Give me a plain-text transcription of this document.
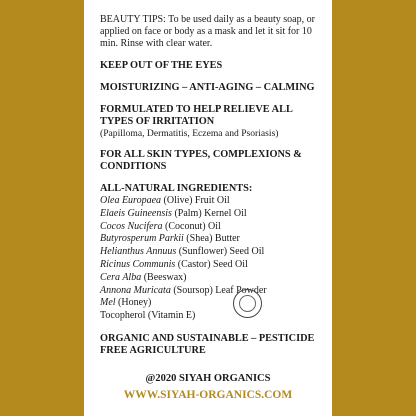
BEAUTY TIPS: To be used daily as a beauty soap, or applied on face or body as a mask and let it sit for 10 min. Rinse with clear water.

KEEP OUT OF THE EYES

MOISTURIZING – ANTI-AGING – CALMING

FORMULATED TO HELP RELIEVE ALL TYPES OF IRRITATION

(Papilloma, Dermatitis, Eczema and Psoriasis)

FOR ALL SKIN TYPES, COMPLEXIONS & CONDITIONS

ALL-NATURAL INGREDIENTS:

Olea Europaea (Olive) Fruit Oil

Elaeis Guineensis (Palm) Kernel Oil

Cocos Nucifera (Coconut) Oil

Butyrosperum Parkii (Shea) Butter

Helianthus Annuus (Sunflower) Seed Oil

Ricinus Communis (Castor) Seed Oil

Cera Alba (Beeswax)

Annona Muricata (Soursop) Leaf Powder

Mel (Honey)

Tocopherol (Vitamin E)

ORGANIC AND SUSTAINABLE – PESTICIDE FREE AGRICULTURE

@2020 SIYAH ORGANICS
WWW.SIYAH-ORGANICS.COM
